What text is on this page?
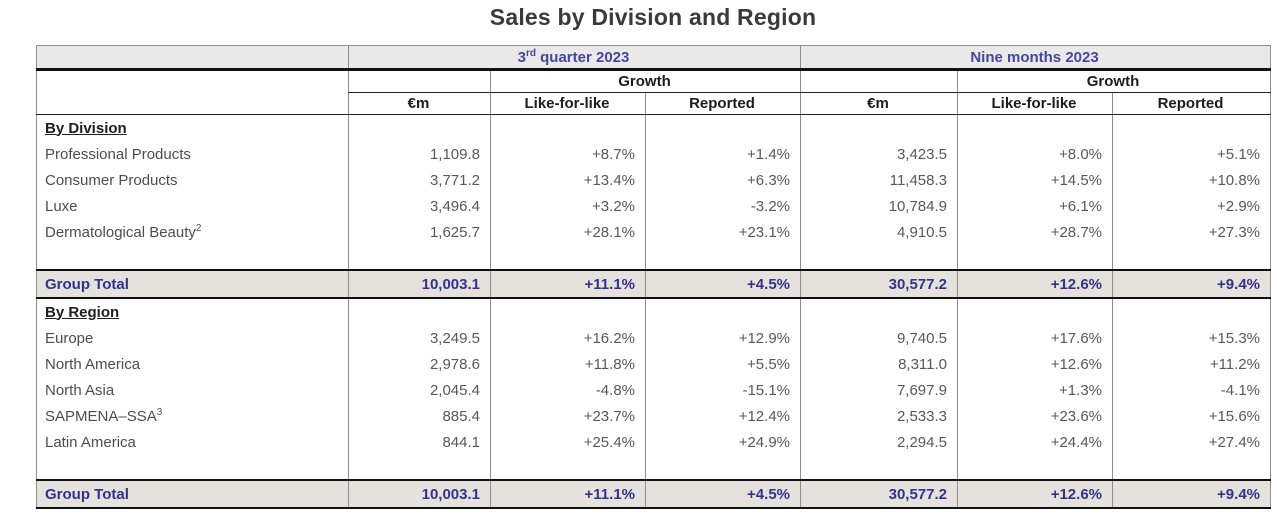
Sales by Division and Region
	3rd quarter 2023			Nine months 2023		
		Growth			Growth	
	€m	Like-for-like	Reported	€m	Like-for-like	Reported
By Division						
Professional Products	1,109.8	+8.7%	+1.4%	3,423.5	+8.0%	+5.1%
Consumer Products	3,771.2	+13.4%	+6.3%	11,458.3	+14.5%	+10.8%
Luxe	3,496.4	+3.2%	-3.2%	10,784.9	+6.1%	+2.9%
Dermatological Beauty$^2$	1,625.7	+28.1%	+23.1%	4,910.5	+28.7%	+27.3%

Group Total	10,003.1	+11.1%	+4.5%	30,577.2	+12.6%	+9.4%
By Region						
Europe	3,249.5	+16.2%	+12.9%	9,740.5	+17.6%	+15.3%
North America	2,978.6	+11.8%	+5.5%	8,311.0	+12.6%	+11.2%
North Asia	2,045.4	-4.8%	-15.1%	7,697.9	+1.3%	-4.1%
SAPMENA–SSA$^3$	885.4	+23.7%	+12.4%	2,533.3	+23.6%	+15.6%
Latin America	844.1	+25.4%	+24.9%	2,294.5	+24.4%	+27.4%

Group Total	10,003.1	+11.1%	+4.5%	30,577.2	+12.6%	+9.4%
